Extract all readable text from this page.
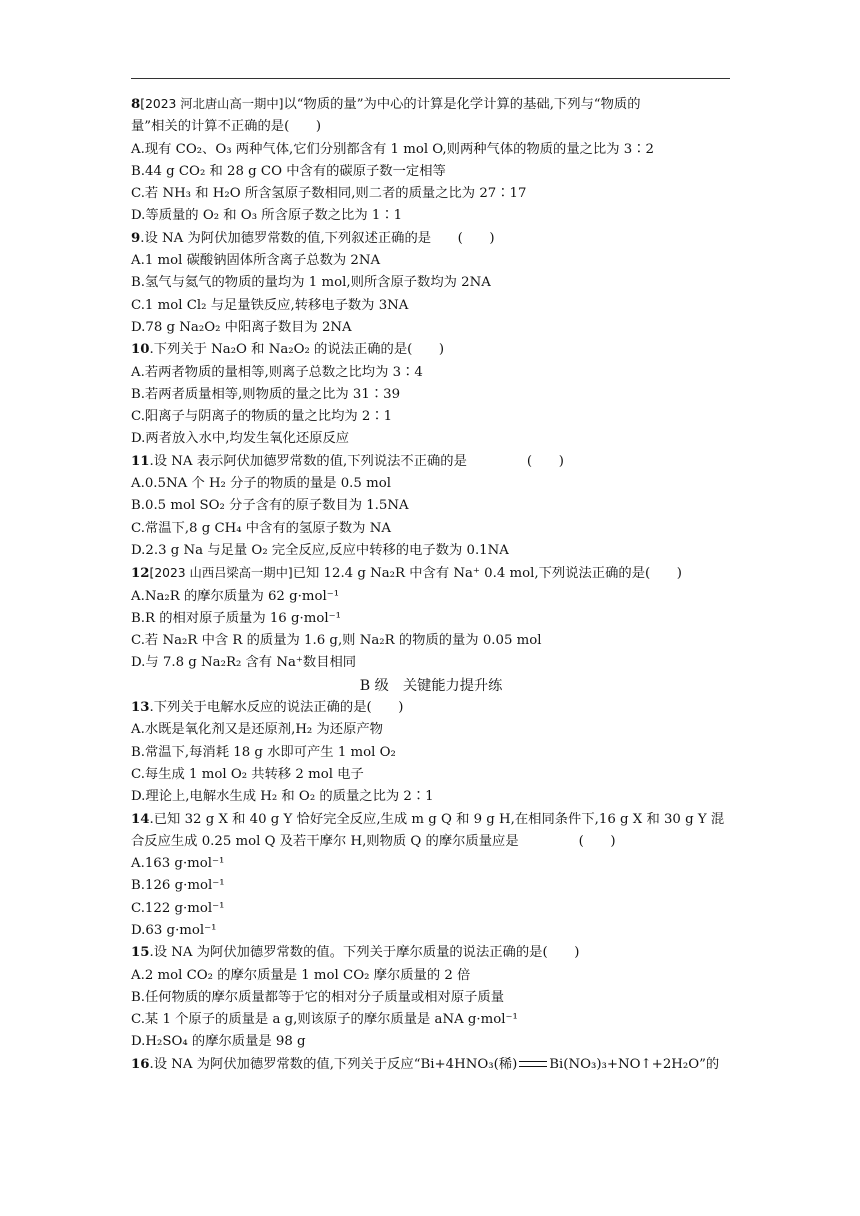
8[2023 河北唐山高一期中]以“物质的量”为中心的计算是化学计算的基础,下列与“物质的
量”相关的计算不正确的是(　　)
A.现有 CO₂、O₃ 两种气体,它们分别都含有 1 mol O,则两种气体的物质的量之比为 3∶2
B.44 g CO₂ 和 28 g CO 中含有的碳原子数一定相等
C.若 NH₃ 和 H₂O 所含氢原子数相同,则二者的质量之比为 27∶17
D.等质量的 O₂ 和 O₃ 所含原子数之比为 1∶1
9.设 NA 为阿伏加德罗常数的值,下列叙述正确的是　　(　　)
A.1 mol 碳酸钠固体所含离子总数为 2NA
B.氢气与氦气的物质的量均为 1 mol,则所含原子数均为 2NA
C.1 mol Cl₂ 与足量铁反应,转移电子数为 3NA
D.78 g Na₂O₂ 中阳离子数目为 2NA
10.下列关于 Na₂O 和 Na₂O₂ 的说法正确的是(　　)
A.若两者物质的量相等,则离子总数之比均为 3∶4
B.若两者质量相等,则物质的量之比为 31∶39
C.阳离子与阴离子的物质的量之比均为 2∶1
D.两者放入水中,均发生氧化还原反应
11.设 NA 表示阿伏加德罗常数的值,下列说法不正确的是	(　　)
A.0.5NA 个 H₂ 分子的物质的量是 0.5 mol
B.0.5 mol SO₂ 分子含有的原子数目为 1.5NA
C.常温下,8 g CH₄ 中含有的氢原子数为 NA
D.2.3 g Na 与足量 O₂ 完全反应,反应中转移的电子数为 0.1NA
12[2023 山西吕梁高一期中]已知 12.4 g Na₂R 中含有 Na⁺ 0.4 mol,下列说法正确的是(　　)
A.Na₂R 的摩尔质量为 62 g·mol⁻¹
B.R 的相对原子质量为 16 g·mol⁻¹
C.若 Na₂R 中含 R 的质量为 1.6 g,则 Na₂R 的物质的量为 0.05 mol
D.与 7.8 g Na₂R₂ 含有 Na⁺数目相同
B 级　关键能力提升练
13.下列关于电解水反应的说法正确的是(　　)
A.水既是氧化剂又是还原剂,H₂ 为还原产物
B.常温下,每消耗 18 g 水即可产生 1 mol O₂
C.每生成 1 mol O₂ 共转移 2 mol 电子
D.理论上,电解水生成 H₂ 和 O₂ 的质量之比为 2∶1
14.已知 32 g X 和 40 g Y 恰好完全反应,生成 m g Q 和 9 g H,在相同条件下,16 g X 和 30 g Y 混
合反应生成 0.25 mol Q 及若干摩尔 H,则物质 Q 的摩尔质量应是	(　　)
A.163 g·mol⁻¹
B.126 g·mol⁻¹
C.122 g·mol⁻¹
D.63 g·mol⁻¹
15.设 NA 为阿伏加德罗常数的值。下列关于摩尔质量的说法正确的是(　　)
A.2 mol CO₂ 的摩尔质量是 1 mol CO₂ 摩尔质量的 2 倍
B.任何物质的摩尔质量都等于它的相对分子质量或相对原子质量
C.某 1 个原子的质量是 a g,则该原子的摩尔质量是 aNA g·mol⁻¹
D.H₂SO₄ 的摩尔质量是 98 g
16.设 NA 为阿伏加德罗常数的值,下列关于反应“Bi+4HNO₃(稀) Bi(NO₃)₃+NO↑+2H₂O”的
